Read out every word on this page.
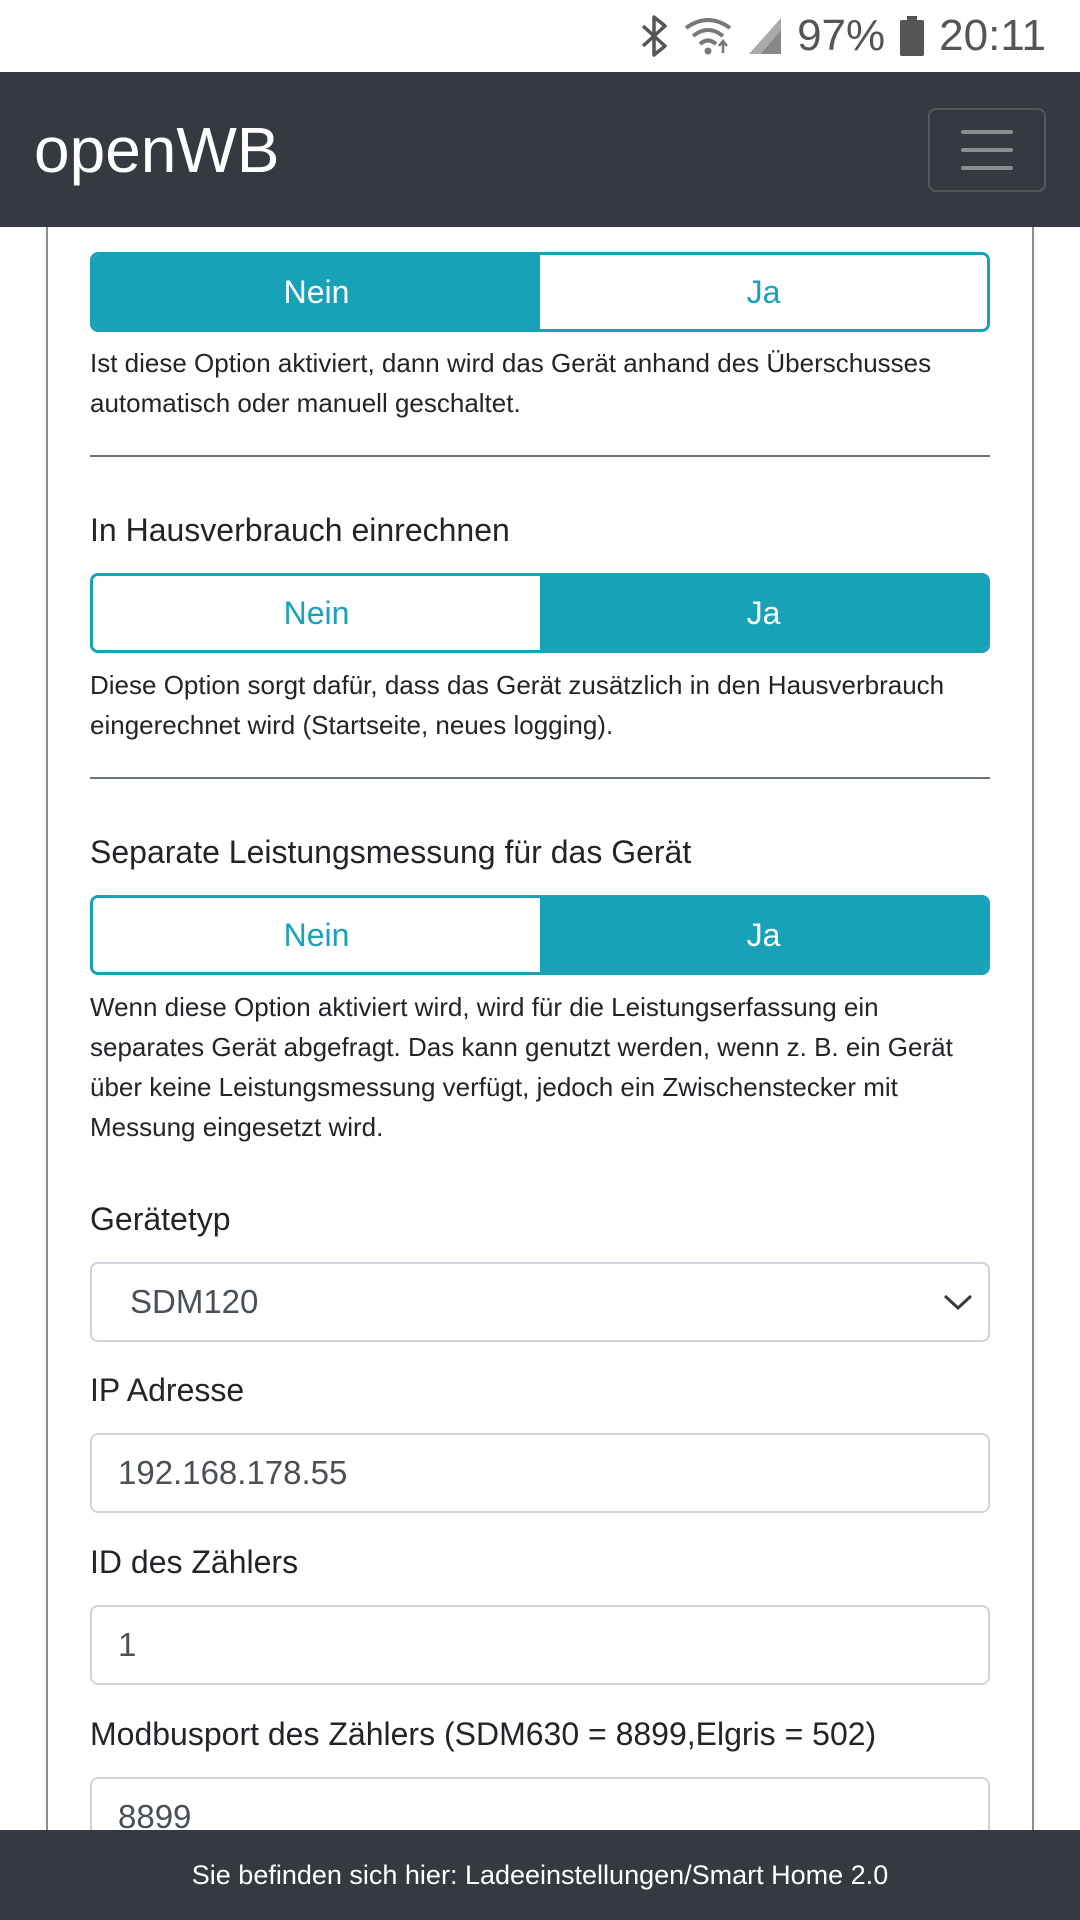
97% 20:11
openWB
Nein	Ja
Ist diese Option aktiviert, dann wird das Gerät anhand des Überschusses automatisch oder manuell geschaltet.
In Hausverbrauch einrechnen
Nein	Ja
Diese Option sorgt dafür, dass das Gerät zusätzlich in den Hausverbrauch eingerechnet wird (Startseite, neues logging).
Separate Leistungsmessung für das Gerät
Nein	Ja
Wenn diese Option aktiviert wird, wird für die Leistungserfassung ein separates Gerät abgefragt. Das kann genutzt werden, wenn z. B. ein Gerät über keine Leistungsmessung verfügt, jedoch ein Zwischenstecker mit Messung eingesetzt wird.
Gerätetyp
SDM120
IP Adresse
192.168.178.55
ID des Zählers
1
Modbusport des Zählers (SDM630 = 8899,Elgris = 502)
8899
Sie befinden sich hier: Ladeeinstellungen/Smart Home 2.0
